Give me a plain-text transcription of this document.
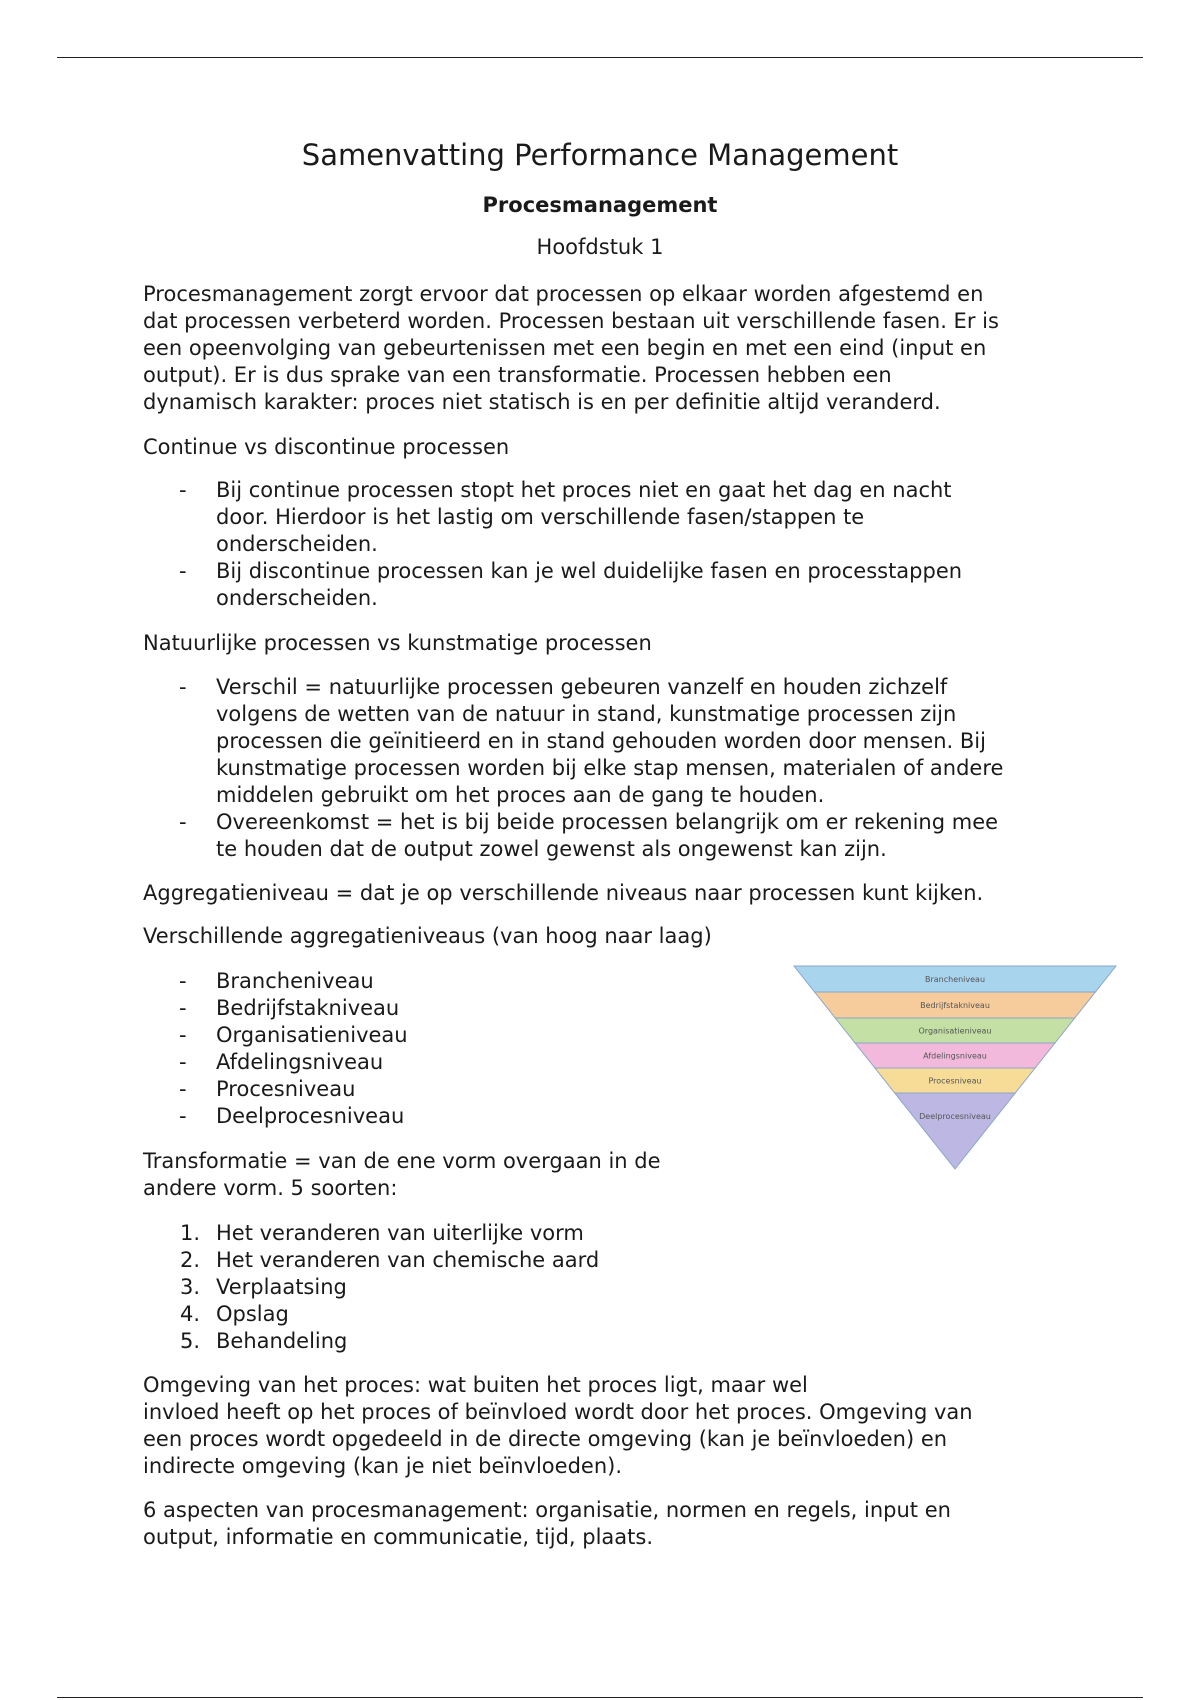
Samenvatting Performance Management
Procesmanagement
Hoofdstuk 1
Procesmanagement zorgt ervoor dat processen op elkaar worden afgestemd en
dat processen verbeterd worden. Processen bestaan uit verschillende fasen. Er is
een opeenvolging van gebeurtenissen met een begin en met een eind (input en
output). Er is dus sprake van een transformatie. Processen hebben een
dynamisch karakter: proces niet statisch is en per definitie altijd veranderd.
Continue vs discontinue processen
- Bij continue processen stopt het proces niet en gaat het dag en nacht
door. Hierdoor is het lastig om verschillende fasen/stappen te
onderscheiden.
- Bij discontinue processen kan je wel duidelijke fasen en processtappen
onderscheiden.
Natuurlijke processen vs kunstmatige processen
- Verschil = natuurlijke processen gebeuren vanzelf en houden zichzelf
volgens de wetten van de natuur in stand, kunstmatige processen zijn
processen die geïnitieerd en in stand gehouden worden door mensen. Bij
kunstmatige processen worden bij elke stap mensen, materialen of andere
middelen gebruikt om het proces aan de gang te houden.
- Overeenkomst = het is bij beide processen belangrijk om er rekening mee
te houden dat de output zowel gewenst als ongewenst kan zijn.
Aggregatieniveau = dat je op verschillende niveaus naar processen kunt kijken.
Verschillende aggregatieniveaus (van hoog naar laag)
- Brancheniveau
- Bedrijfstakniveau
- Organisatieniveau
- Afdelingsniveau
- Procesniveau
- Deelprocesniveau
Brancheniveau
Bedrijfstakniveau
Organisatieniveau
Afdelingsniveau
Procesniveau
Deelprocesniveau
Transformatie = van de ene vorm overgaan in de
andere vorm. 5 soorten:
1. Het veranderen van uiterlijke vorm
2. Het veranderen van chemische aard
3. Verplaatsing
4. Opslag
5. Behandeling
Omgeving van het proces: wat buiten het proces ligt, maar wel
invloed heeft op het proces of beïnvloed wordt door het proces. Omgeving van
een proces wordt opgedeeld in de directe omgeving (kan je beïnvloeden) en
indirecte omgeving (kan je niet beïnvloeden).
6 aspecten van procesmanagement: organisatie, normen en regels, input en
output, informatie en communicatie, tijd, plaats.
